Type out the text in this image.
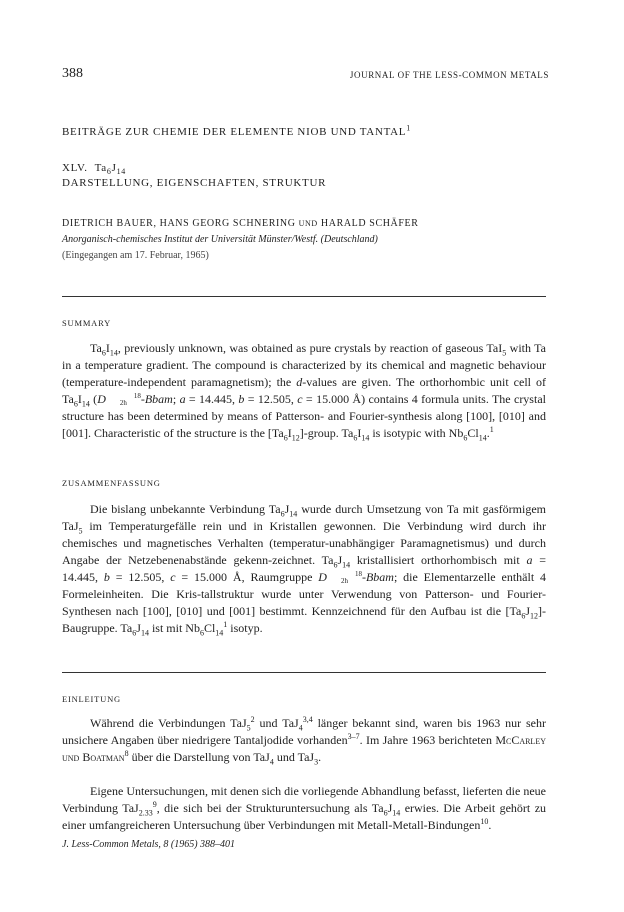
388	JOURNAL OF THE LESS-COMMON METALS
BEITRÄGE ZUR CHEMIE DER ELEMENTE NIOB UND TANTAL$^1$
XLV. $Ta_6J_{14}$
DARSTELLUNG, EIGENSCHAFTEN, STRUKTUR
DIETRICH BAUER, HANS GEORG SCHNERING UND HARALD SCHÄFER
Anorganisch-chemisches Institut der Universität Münster/Westf. (Deutschland)
(Eingegangen am 17. Februar, 1965)
SUMMARY

$Ta_6I_{14}$, previously unknown, was obtained as pure crystals by reaction of gaseous TaI$_5$ with Ta in a temperature gradient. The compound is characterized by its chemical and magnetic behaviour (temperature-independent paramagnetism); the d-values are given. The orthorhombic unit cell of $Ta_6I_{14}$ (D	18
2h -Bbam; a = 14.445, b = 12.505, c = 15.000 Å) contains 4 formula units. The crystal structure has been determined by means of Patterson- and Fourier-synthesis along [100], [010] and [001]. Characteristic of the structure is the $[Ta_6I_{12}]$-group. $Ta_6I_{14}$ is isotypic with $Nb_6Cl_{14}.^1$

ZUSAMMENFASSUNG

Die bislang unbekannte Verbindung $Ta_6J_{14}$ wurde durch Umsetzung von Ta mit gasförmigem TaJ$_5$ im Temperaturgefälle rein und in Kristallen gewonnen. Die Verbindung wird durch ihr chemisches und magnetisches Verhalten (temperatur-unabhängiger Paramagnetismus) und durch Angabe der Netzebenenabstände gekenn-zeichnet. $Ta_6J_{14}$ kristallisiert orthorhombisch mit a = 14.445, b = 12.505, c = 15.000 Å, Raumgruppe D	18
2h -Bbam; die Elementarzelle enthält 4 Formeleinheiten. Die Kris-tallstruktur wurde unter Verwendung von Patterson- und Fourier-Synthesen nach [100], [010] und [001] bestimmt. Kennzeichnend für den Aufbau ist die $[Ta_6J_{12}]$-Baugruppe. $Ta_6J_{14}$ ist mit $Nb_6Cl_{14}^1$ isotyp.

EINLEITUNG

Während die Verbindungen TaJ$_5^2$ und TaJ$_4^{3,4}$ länger bekannt sind, waren bis 1963 nur sehr unsichere Angaben über niedrigere Tantaljodide vorhanden$^{3-7}$. Im Jahre 1963 berichteten McCarley und Boatman$^8$ über die Darstellung von TaJ$_4$ und TaJ$_3$.

Eigene Untersuchungen, mit denen sich die vorliegende Abhandlung befasst, lieferten die neue Verbindung TaJ$_{2.33}^9$, die sich bei der Strukturuntersuchung als $Ta_6J_{14}$ erwies. Die Arbeit gehört zu einer umfangreicheren Untersuchung über Verbindungen mit Metall-Metall-Bindungen$^{10}$.

J. Less-Common Metals, 8 (1965) 388–401
